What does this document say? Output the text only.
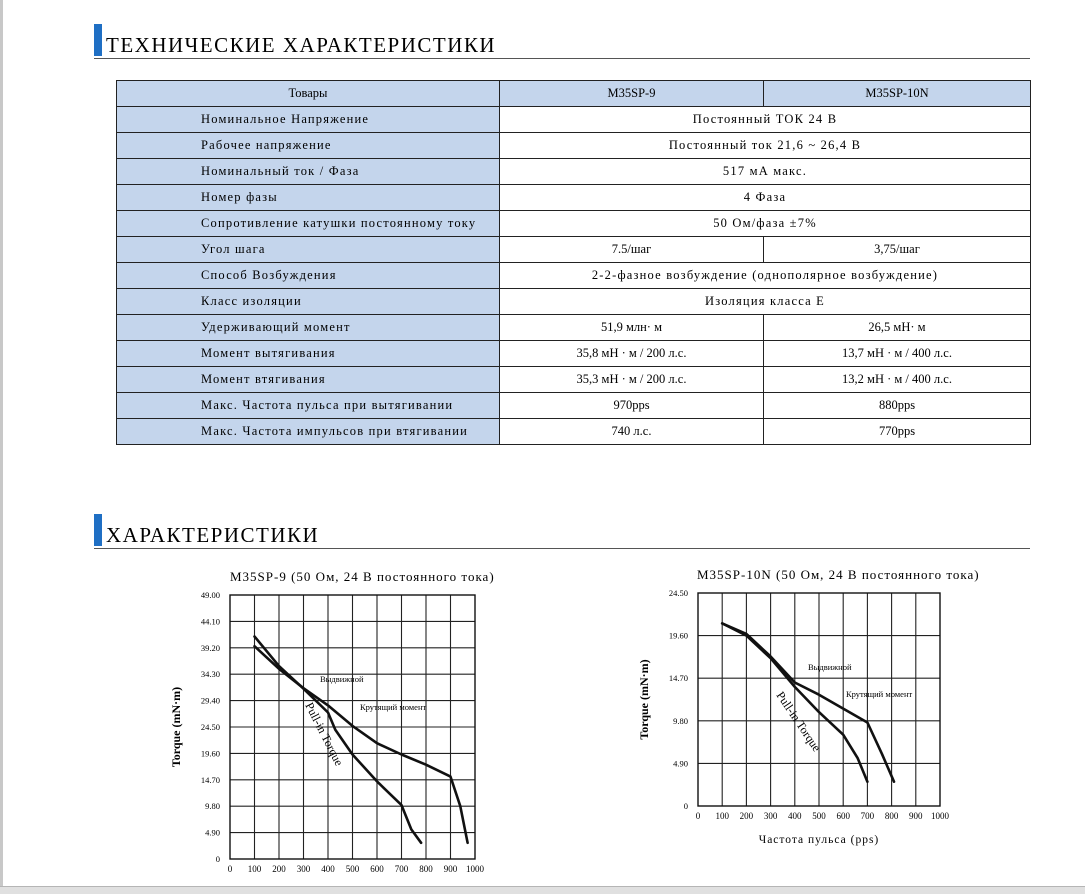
ТЕХНИЧЕСКИЕ ХАРАКТЕРИСТИКИ
Товары	M35SP-9	M35SP-10N
Номинальное Напряжение	Постоянный ТОК 24 В	
Рабочее напряжение	Постоянный ток 21,6 ~ 26,4 В	
Номинальный ток / Фаза	517 мА макс.	
Номер фазы	4 Фаза	
Сопротивление катушки постоянному току	50 Ом/фаза ±7%	
Угол шага	7.5/шаг	3,75/шаг
Способ Возбуждения	2-2-фазное возбуждение (однополярное возбуждение)	
Класс изоляции	Изоляция класса E	
Удерживающий момент	51,9 млн· м	26,5 мН· м
Момент вытягивания	35,8 мН · м / 200 л.с.	13,7 мН · м / 400 л.с.
Момент втягивания	35,3 мН · м / 200 л.с.	13,2 мН · м / 400 л.с.
Макс. Частота пульса при вытягивании	970pps	880pps
Макс. Частота импульсов при втягивании	740 л.с.	770pps
ХАРАКТЕРИСТИКИ
M35SP-9 (50 Ом, 24 В постоянного тока)	M35SP-10N (50 Ом, 24 В постоянного тока)
0
4.90
9.80
14.70
19.60
24.50
29.40
34.30
39.20
44.10
49.00
0 100 200 300 400 500 600 700 800 900 1000
Torque (mN·m)
Выдвижной
Крутящий момент
Pull-in Torque
0
4.90
9.80
14.70
19.60
24.50
0 100 200 300 400 500 600 700 800 900 1000
Torque (mN·m)
Частота пульса (pps)
Выдвижной
Крутящий момент
Pull-in Torque
